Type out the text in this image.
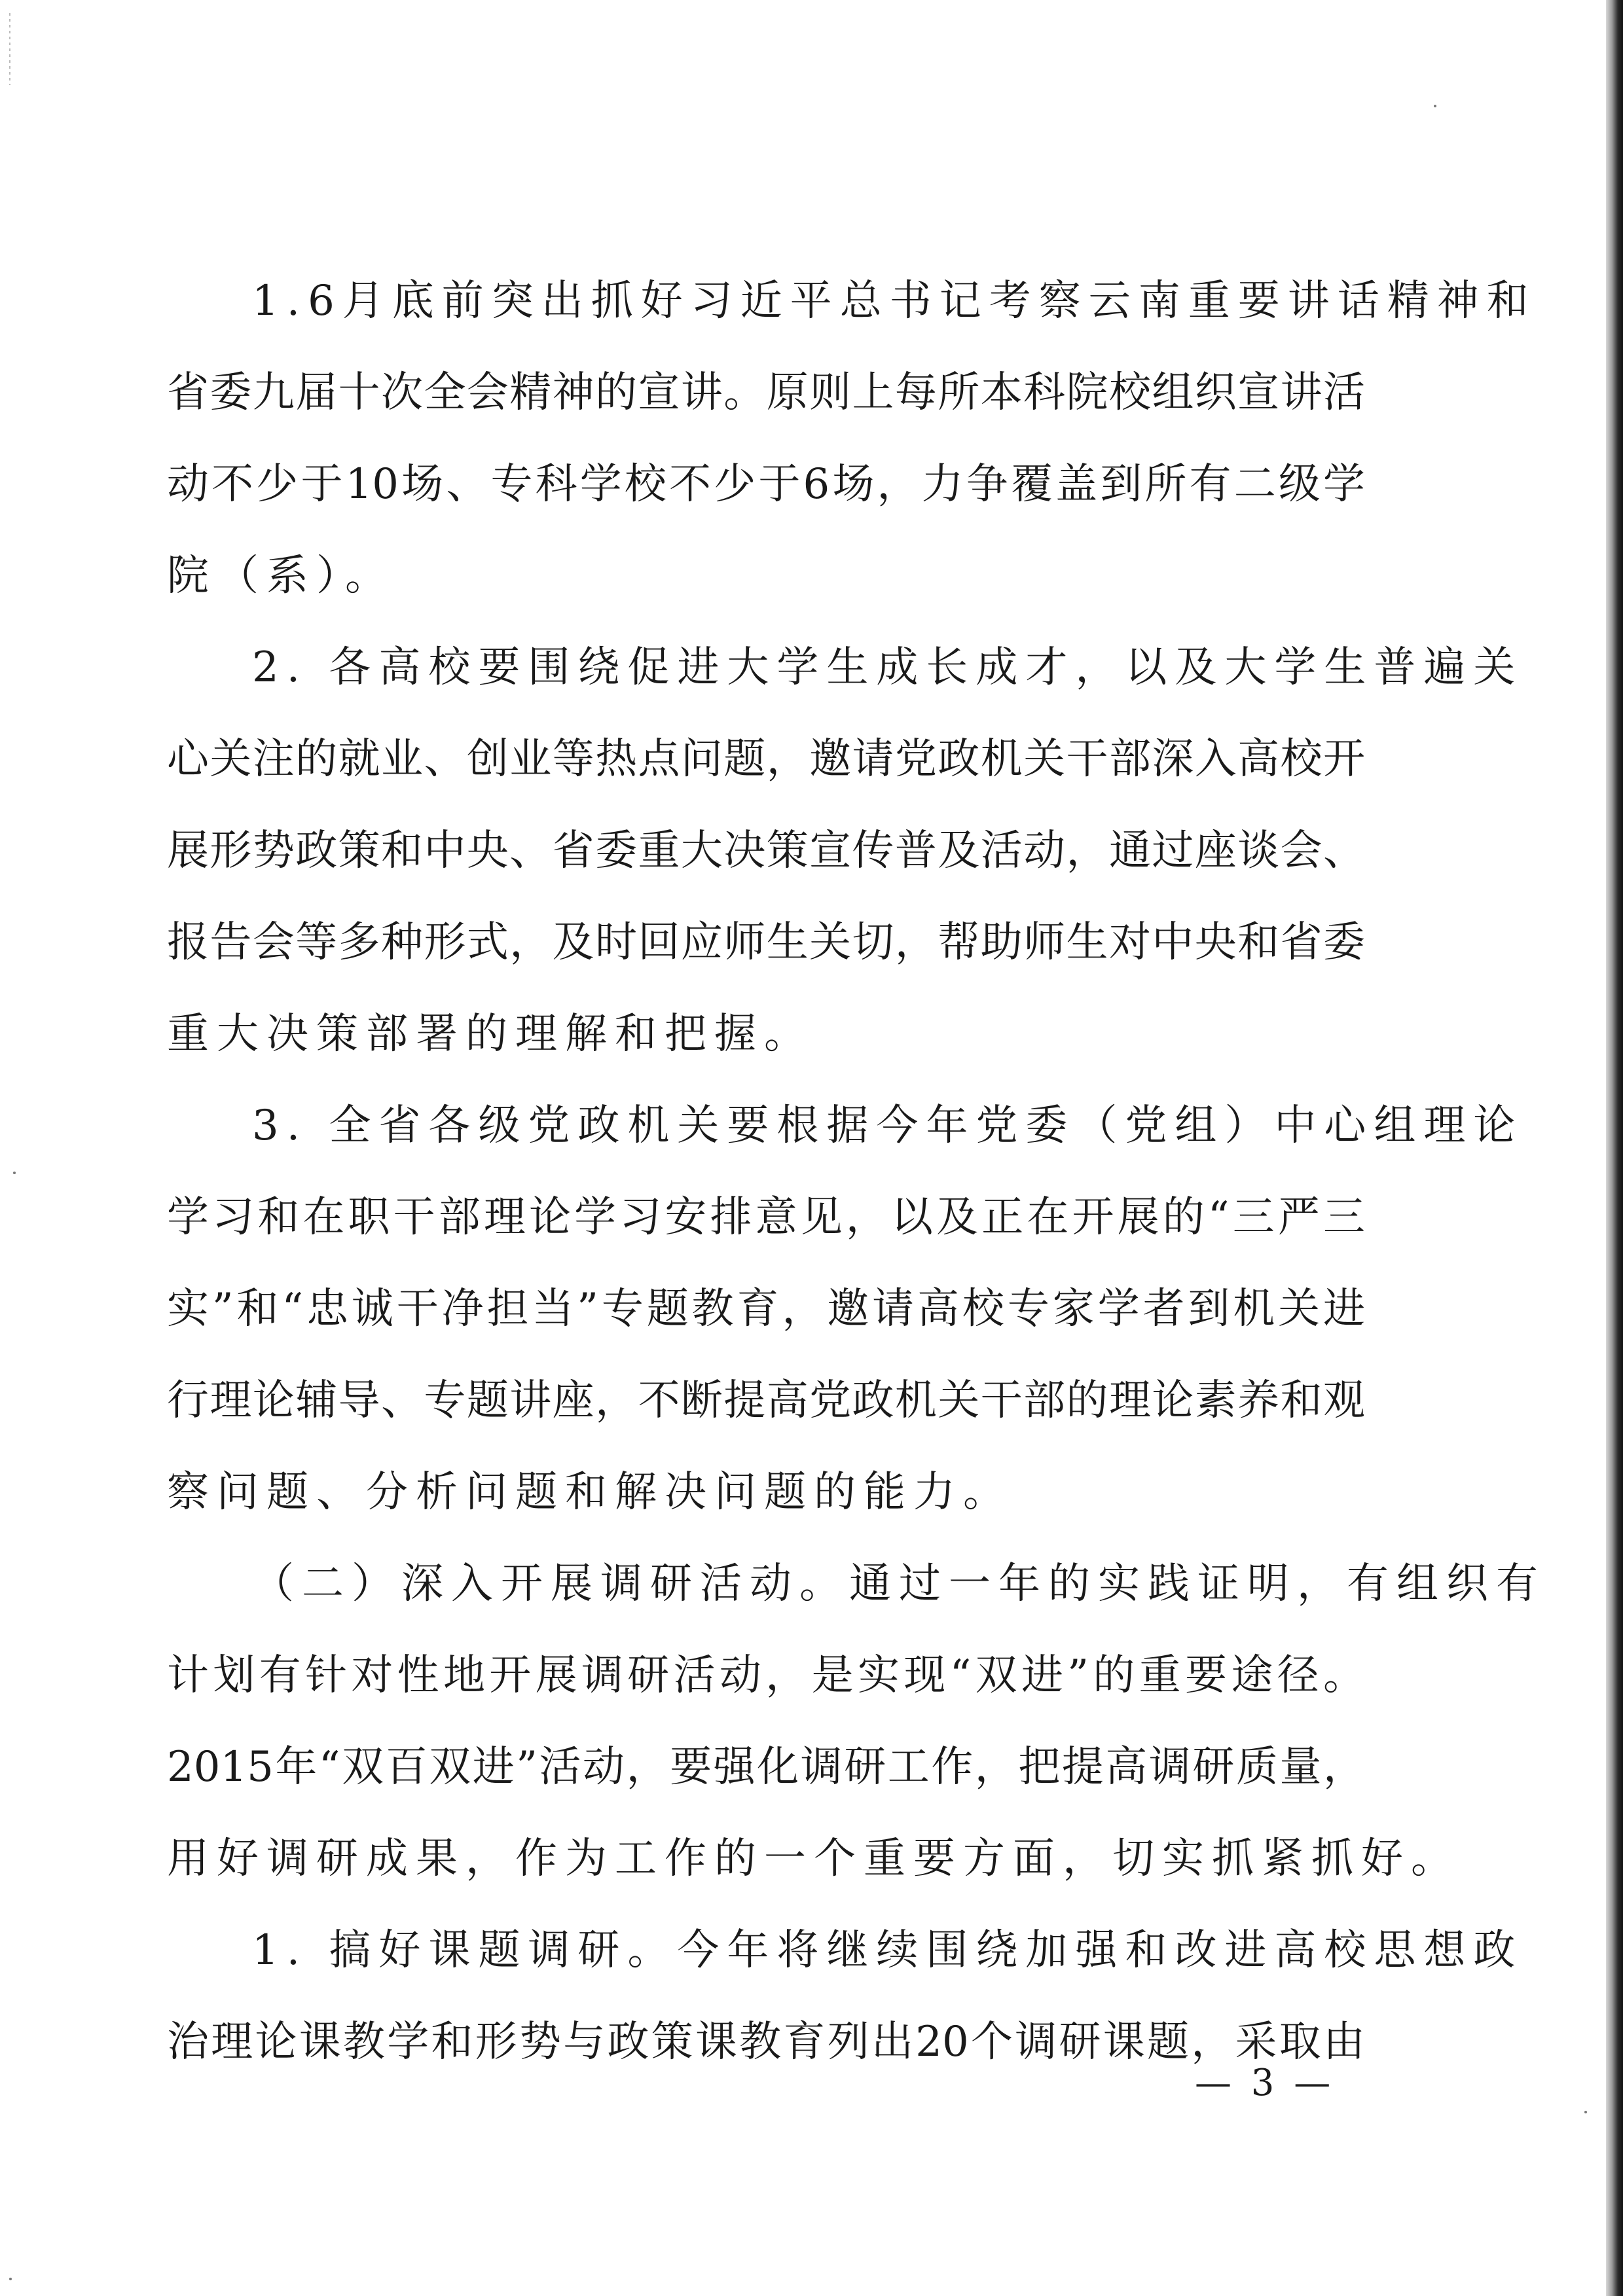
1.6月底前突出抓好习近平总书记考察云南重要讲话精神和
省委九届十次全会精神的宣讲。原则上每所本科院校组织宣讲活
动不少于10场、专科学校不少于6场，力争覆盖到所有二级学
院（系）。
2. 各高校要围绕促进大学生成长成才，以及大学生普遍关
心关注的就业、创业等热点问题，邀请党政机关干部深入高校开
展形势政策和中央、省委重大决策宣传普及活动，通过座谈会、
报告会等多种形式，及时回应师生关切，帮助师生对中央和省委
重大决策部署的理解和把握。
3. 全省各级党政机关要根据今年党委（党组）中心组理论
学习和在职干部理论学习安排意见，以及正在开展的“三严三
实”和“忠诚干净担当”专题教育，邀请高校专家学者到机关进
行理论辅导、专题讲座，不断提高党政机关干部的理论素养和观
察问题、分析问题和解决问题的能力。
（二）深入开展调研活动。通过一年的实践证明，有组织有
计划有针对性地开展调研活动，是实现“双进”的重要途径。
2015年“双百双进”活动，要强化调研工作，把提高调研质量，
用好调研成果，作为工作的一个重要方面，切实抓紧抓好。
1. 搞好课题调研。今年将继续围绕加强和改进高校思想政
治理论课教学和形势与政策课教育列出20个调研课题，采取由
— 3 —
